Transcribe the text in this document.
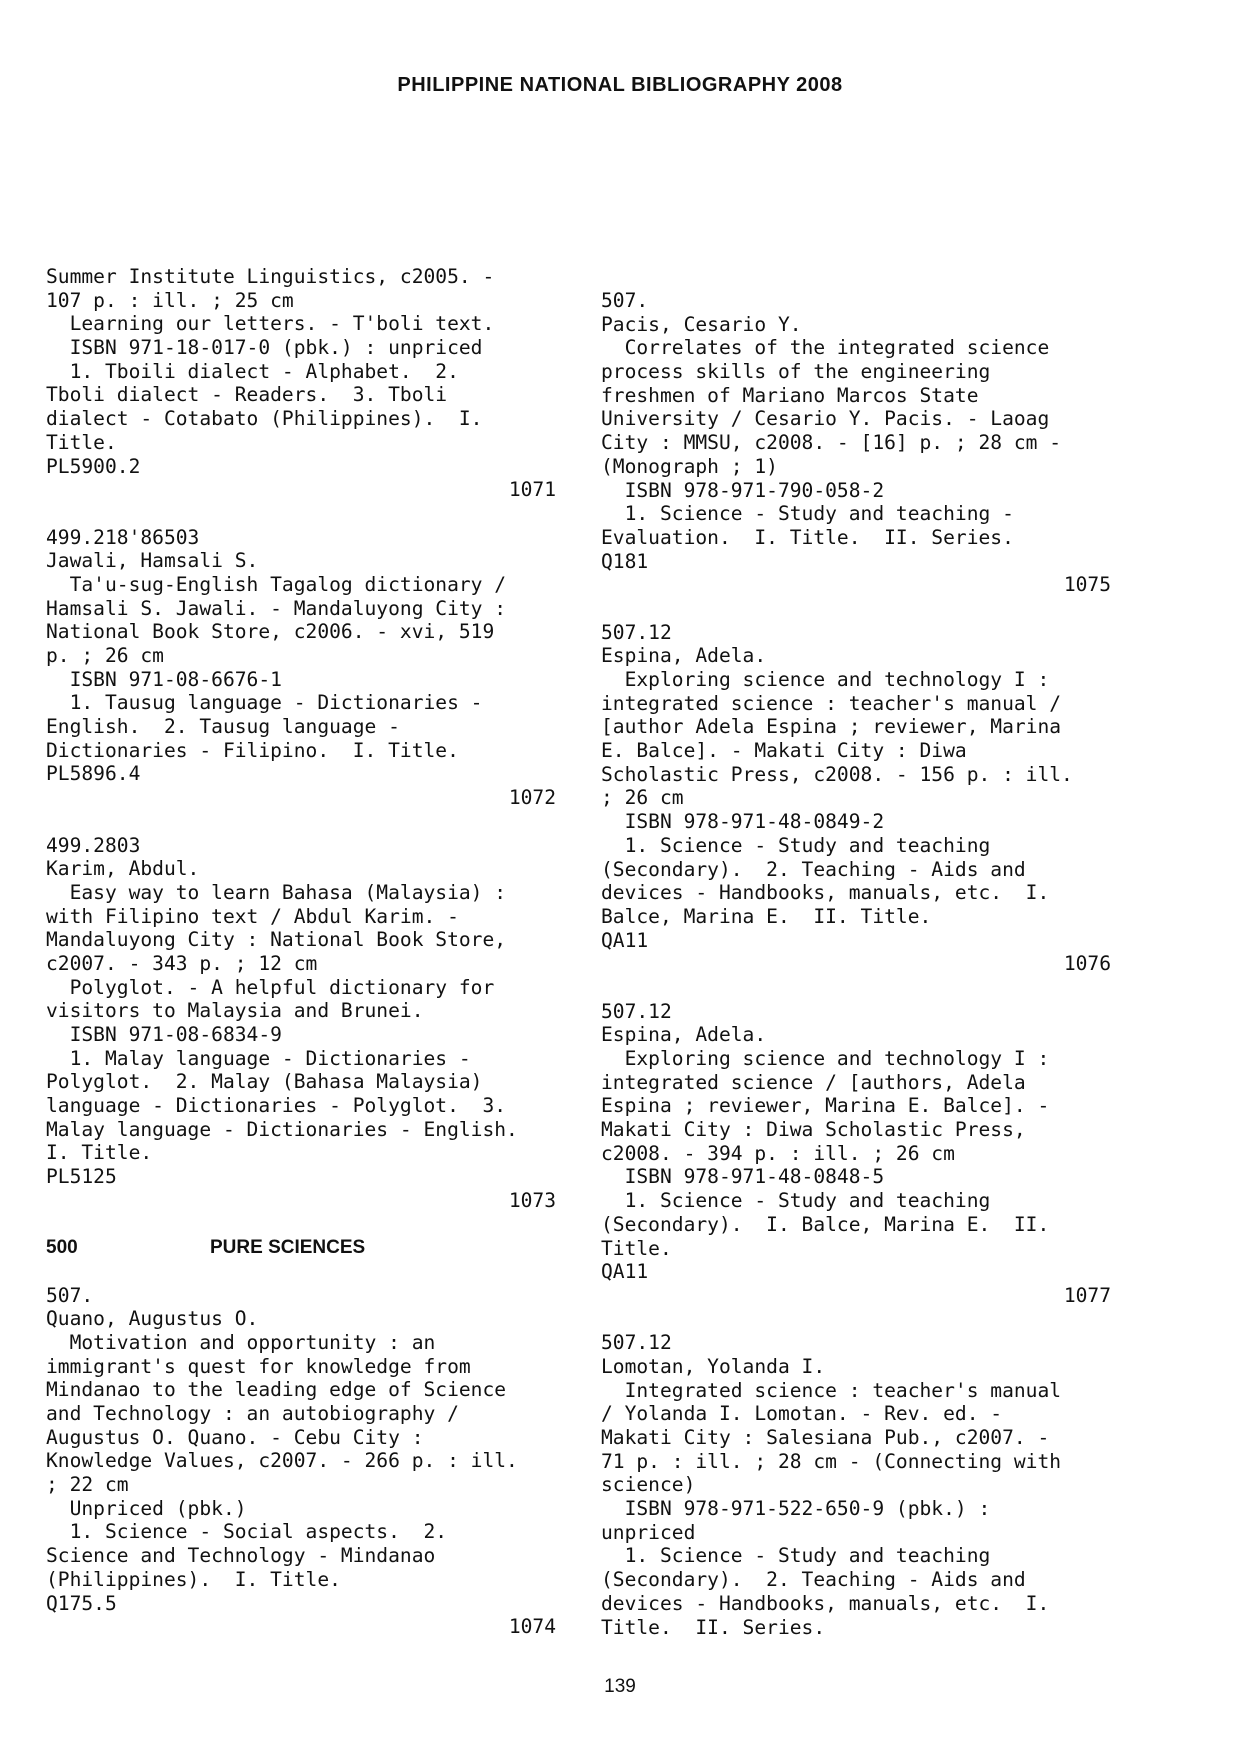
PHILIPPINE NATIONAL BIBLIOGRAPHY 2008
Summer Institute Linguistics, c2005. -
107 p. : ill. ; 25 cm
Learning our letters. - T'boli text.
ISBN 971-18-017-0 (pbk.) : unpriced
1. Tboili dialect - Alphabet.  2.
Tboli dialect - Readers.  3. Tboli
dialect - Cotabato (Philippines).  I.
Title.
PL5900.2
1071
499.218'86503
Jawali, Hamsali S.
Ta'u-sug-English Tagalog dictionary /
Hamsali S. Jawali. - Mandaluyong City :
National Book Store, c2006. - xvi, 519
p. ; 26 cm
ISBN 971-08-6676-1
1. Tausug language - Dictionaries -
English.  2. Tausug language -
Dictionaries - Filipino.  I. Title.
PL5896.4
1072
499.2803
Karim, Abdul.
Easy way to learn Bahasa (Malaysia) :
with Filipino text / Abdul Karim. -
Mandaluyong City : National Book Store,
c2007. - 343 p. ; 12 cm
Polyglot. - A helpful dictionary for
visitors to Malaysia and Brunei.
ISBN 971-08-6834-9
1. Malay language - Dictionaries -
Polyglot.  2. Malay (Bahasa Malaysia)
language - Dictionaries - Polyglot.  3.
Malay language - Dictionaries - English.
I. Title.
PL5125
1073
500	PURE SCIENCES
507.
Quano, Augustus O.
Motivation and opportunity : an
immigrant's quest for knowledge from
Mindanao to the leading edge of Science
and Technology : an autobiography /
Augustus O. Quano. - Cebu City :
Knowledge Values, c2007. - 266 p. : ill.
; 22 cm
Unpriced (pbk.)
1. Science - Social aspects.  2.
Science and Technology - Mindanao
(Philippines).  I. Title.
Q175.5
1074
507.
Pacis, Cesario Y.
Correlates of the integrated science
process skills of the engineering
freshmen of Mariano Marcos State
University / Cesario Y. Pacis. - Laoag
City : MMSU, c2008. - [16] p. ; 28 cm -
(Monograph ; 1)
ISBN 978-971-790-058-2
1. Science - Study and teaching -
Evaluation.  I. Title.  II. Series.
Q181
1075
507.12
Espina, Adela.
Exploring science and technology I :
integrated science : teacher's manual /
[author Adela Espina ; reviewer, Marina
E. Balce]. - Makati City : Diwa
Scholastic Press, c2008. - 156 p. : ill.
; 26 cm
ISBN 978-971-48-0849-2
1. Science - Study and teaching
(Secondary).  2. Teaching - Aids and
devices - Handbooks, manuals, etc.  I.
Balce, Marina E.  II. Title.
QA11
1076
507.12
Espina, Adela.
Exploring science and technology I :
integrated science / [authors, Adela
Espina ; reviewer, Marina E. Balce]. -
Makati City : Diwa Scholastic Press,
c2008. - 394 p. : ill. ; 26 cm
ISBN 978-971-48-0848-5
1. Science - Study and teaching
(Secondary).  I. Balce, Marina E.  II.
Title.
QA11
1077
507.12
Lomotan, Yolanda I.
Integrated science : teacher's manual
/ Yolanda I. Lomotan. - Rev. ed. -
Makati City : Salesiana Pub., c2007. -
71 p. : ill. ; 28 cm - (Connecting with
science)
ISBN 978-971-522-650-9 (pbk.) :
unpriced
1. Science - Study and teaching
(Secondary).  2. Teaching - Aids and
devices - Handbooks, manuals, etc.  I.
Title.  II. Series.
139
